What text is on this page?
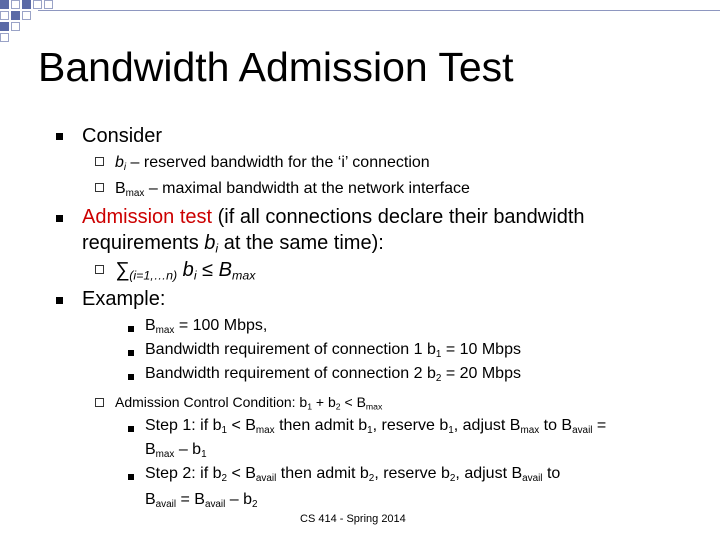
Bandwidth Admission Test
Consider
$b_i$ – reserved bandwidth for the ‘i’ connection
$B_{max}$ – maximal bandwidth at the network interface
Admission test (if all connections declare their bandwidth
requirements $b_i$ at the same time):
$\sum_{(i=1,\dots n)}$ $b_i \le B_{max}$
Example:
$B_{max} = 100$ Mbps,
Bandwidth requirement of connection 1 $b_1 = 10$ Mbps
Bandwidth requirement of connection 2 $b_2 = 20$ Mbps
Admission Control Condition: $b_1 + b_2 < B_{max}$
Step 1: if $b_1 < B_{max}$ then admit $b_1$, reserve $b_1$, adjust $B_{max}$ to $B_{avail}$ =
$B_{max} - b_1$
Step 2: if $b_2 < B_{avail}$ then admit $b_2$, reserve $b_2$, adjust $B_{avail}$ to
$B_{avail} = B_{avail} - b_2$
CS 414 - Spring 2014
